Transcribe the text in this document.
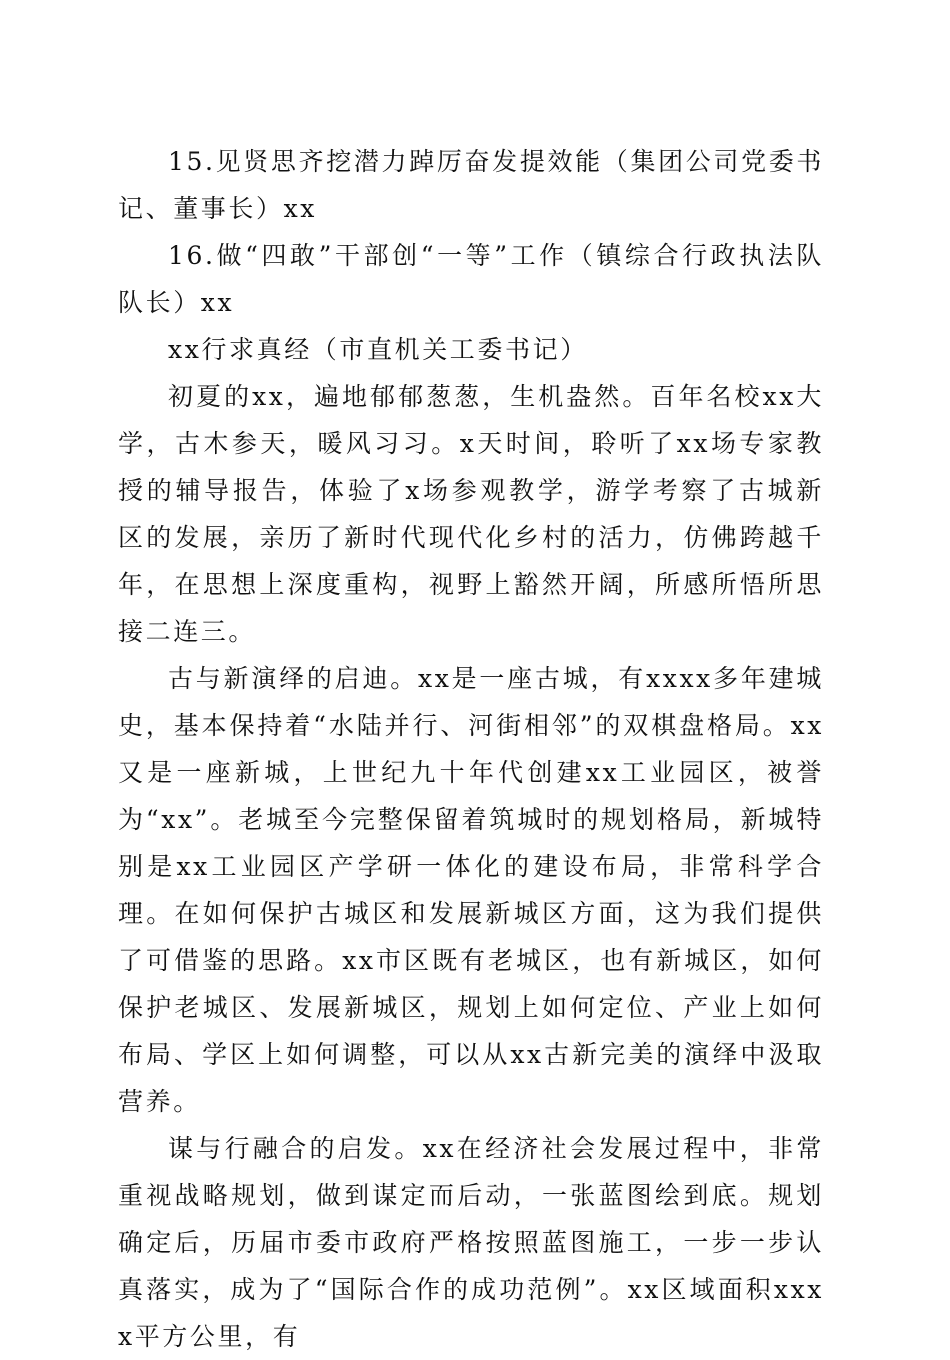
15.见贤思齐挖潜力踔厉奋发提效能（集团公司党委书记、董事长）xx

16.做“四敢”干部创“一等”工作（镇综合行政执法队队长）xx

xx行求真经（市直机关工委书记）

初夏的xx，遍地郁郁葱葱，生机盎然。百年名校xx大学，古木参天，暖风习习。x天时间，聆听了xx场专家教授的辅导报告，体验了x场参观教学，游学考察了古城新区的发展，亲历了新时代现代化乡村的活力，仿佛跨越千年，在思想上深度重构，视野上豁然开阔，所感所悟所思接二连三。

古与新演绎的启迪。xx是一座古城，有xxxx多年建城史，基本保持着“水陆并行、河街相邻”的双棋盘格局。xx又是一座新城，上世纪九十年代创建xx工业园区，被誉为“xx”。老城至今完整保留着筑城时的规划格局，新城特别是xx工业园区产学研一体化的建设布局，非常科学合理。在如何保护古城区和发展新城区方面，这为我们提供了可借鉴的思路。xx市区既有老城区，也有新城区，如何保护老城区、发展新城区，规划上如何定位、产业上如何布局、学区上如何调整，可以从xx古新完美的演绎中汲取营养。

谋与行融合的启发。xx在经济社会发展过程中，非常重视战略规划，做到谋定而后动，一张蓝图绘到底。规划确定后，历届市委市政府严格按照蓝图施工，一步一步认真落实，成为了“国际合作的成功范例”。xx区域面积xxxx平方公里，有
